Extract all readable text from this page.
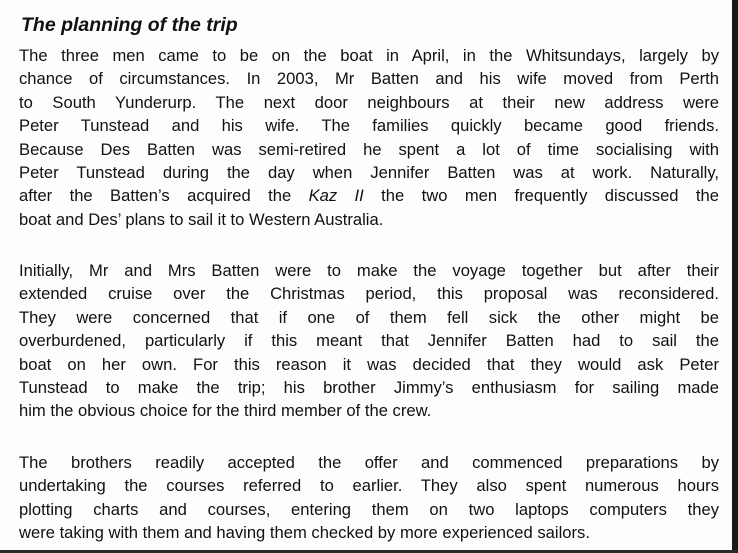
The planning of the trip
The three men came to be on the boat in April, in the Whitsundays, largely by
chance of circumstances. In 2003, Mr Batten and his wife moved from Perth
to South Yunderurp. The next door neighbours at their new address were
Peter Tunstead and his wife. The families quickly became good friends.
Because Des Batten was semi-retired he spent a lot of time socialising with
Peter Tunstead during the day when Jennifer Batten was at work. Naturally,
after the Batten’s acquired the Kaz II the two men frequently discussed the
boat and Des’ plans to sail it to Western Australia.
Initially, Mr and Mrs Batten were to make the voyage together but after their
extended cruise over the Christmas period, this proposal was reconsidered.
They were concerned that if one of them fell sick the other might be
overburdened, particularly if this meant that Jennifer Batten had to sail the
boat on her own. For this reason it was decided that they would ask Peter
Tunstead to make the trip; his brother Jimmy’s enthusiasm for sailing made
him the obvious choice for the third member of the crew.
The brothers readily accepted the offer and commenced preparations by
undertaking the courses referred to earlier. They also spent numerous hours
plotting charts and courses, entering them on two laptops computers they
were taking with them and having them checked by more experienced sailors.
